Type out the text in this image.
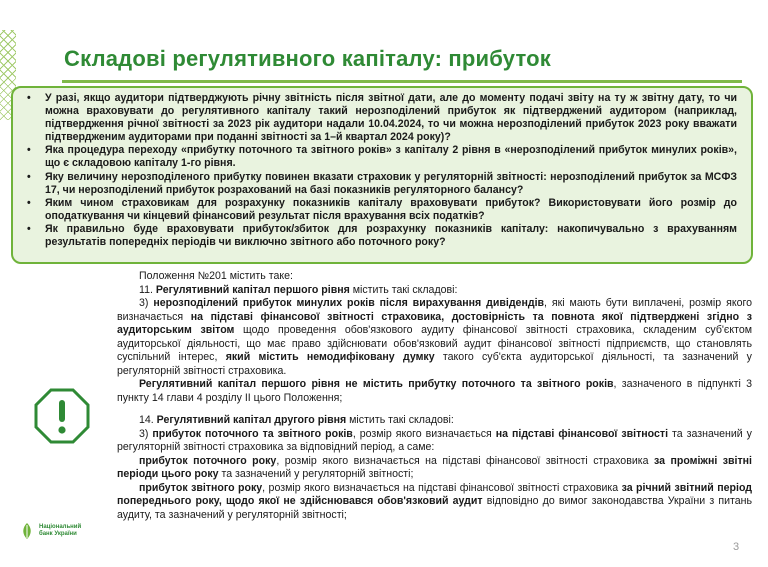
Складові регулятивного капіталу: прибуток
• У разі, якщо аудитори підтверджують річну звітність після звітної дати, але до моменту подачі звіту на ту ж звітну дату, то чи можна враховувати до регулятивного капіталу такий нерозподілений прибуток як підтверджений аудитором (наприклад, підтвердження річної звітності за 2023 рік аудитори надали 10.04.2024, то чи можна нерозподілений прибуток 2023 року вважати підтвердженим аудиторами при поданні звітності за 1–й квартал 2024 року)?
• Яка процедура переходу «прибутку поточного та звітного років» з капіталу 2 рівня в «нерозподілений прибуток минулих років», що є складовою капіталу 1-го рівня.
• Яку величину нерозподіленого прибутку повинен вказати страховик у регуляторній звітності: нерозподілений прибуток за МСФЗ 17, чи нерозподілений прибуток розрахований на базі показників регуляторного балансу?
• Яким чином страховикам для розрахунку показників капіталу враховувати прибуток? Використовувати його розмір до оподаткування чи кінцевий фінансовий результат після врахування всіх податків?
• Як правильно буде враховувати прибуток/збиток для розрахунку показників капіталу: накопичувально з врахуванням результатів попередніх періодів чи виключно звітного або поточного року?

Положення №201 містить таке:

11. Регулятивний капітал першого рівня містить такі складові:

3) нерозподілений прибуток минулих років після вирахування дивідендів, які мають бути виплачені, розмір якого визначається на підставі фінансової звітності страховика, достовірність та повнота якої підтверджені згідно з аудиторським звітом щодо проведення обов'язкового аудиту фінансової звітності страховика, складеним суб'єктом аудиторської діяльності, що має право здійснювати обов'язковий аудит фінансової звітності підприємств, що становлять суспільний інтерес, який містить немодифіковану думку такого суб'єкта аудиторської діяльності, та зазначений у регуляторній звітності страховика.

Регулятивний капітал першого рівня не містить прибутку поточного та звітного років, зазначеного в підпункті 3 пункту 14 глави 4 розділу ІІ цього Положення;

14. Регулятивний капітал другого рівня містить такі складові:

3) прибуток поточного та звітного років, розмір якого визначається на підставі фінансової звітності та зазначений у регуляторній звітності страховика за відповідний період, а саме:

прибуток поточного року, розмір якого визначається на підставі фінансової звітності страховика за проміжні звітні періоди цього року та зазначений у регуляторній звітності;

прибуток звітного року, розмір якого визначається на підставі фінансової звітності страховика за річний звітний період попереднього року, щодо якої не здійснювався обов'язковий аудит відповідно до вимог законодавства України з питань аудиту, та зазначений у регуляторній звітності;

Національний
банк України
3
